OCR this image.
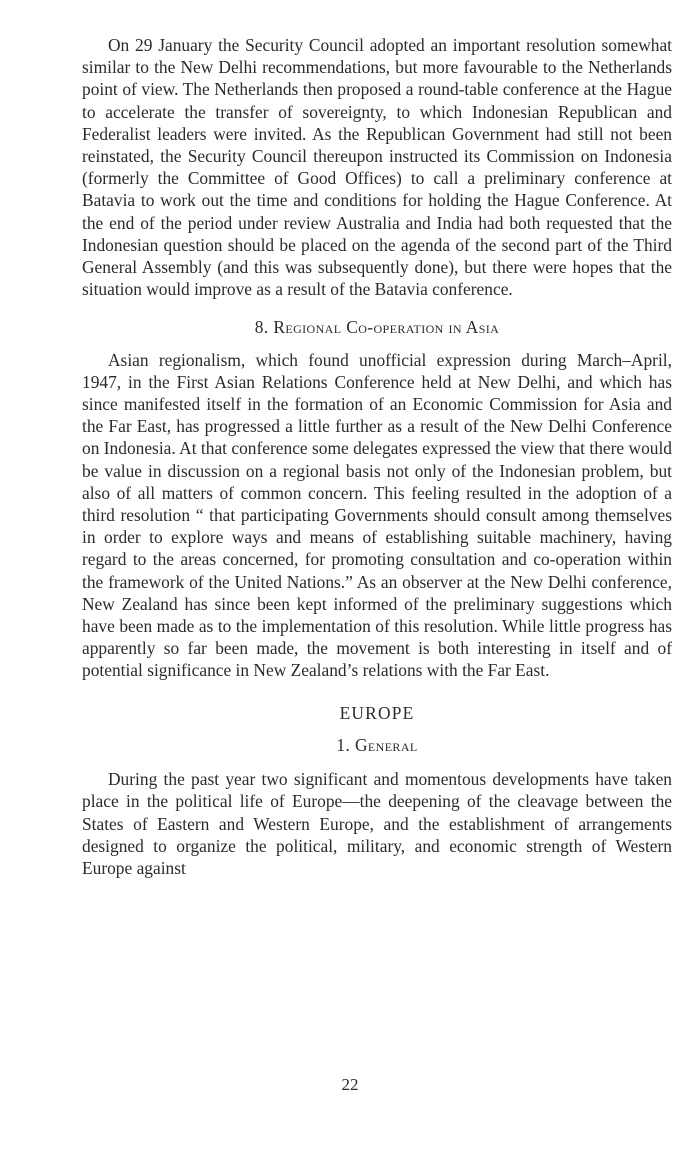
On 29 January the Security Council adopted an important resolution somewhat similar to the New Delhi recommendations, but more favourable to the Netherlands point of view. The Netherlands then proposed a round-table conference at the Hague to accelerate the transfer of sovereignty, to which Indonesian Republican and Federalist leaders were invited. As the Republican Government had still not been reinstated, the Security Council thereupon instructed its Commission on Indonesia (formerly the Committee of Good Offices) to call a preliminary conference at Batavia to work out the time and conditions for holding the Hague Conference. At the end of the period under review Australia and India had both requested that the Indonesian question should be placed on the agenda of the second part of the Third General Assembly (and this was subsequently done), but there were hopes that the situation would improve as a result of the Batavia conference.

8. Regional Co-operation in Asia

Asian regionalism, which found unofficial expression during March–April, 1947, in the First Asian Relations Conference held at New Delhi, and which has since manifested itself in the formation of an Economic Commission for Asia and the Far East, has progressed a little further as a result of the New Delhi Conference on Indonesia. At that conference some delegates expressed the view that there would be value in discussion on a regional basis not only of the Indonesian problem, but also of all matters of common concern. This feeling resulted in the adoption of a third resolution “ that participating Governments should consult among themselves in order to explore ways and means of establishing suitable machinery, having regard to the areas concerned, for promoting consultation and co-operation within the framework of the United Nations.” As an observer at the New Delhi conference, New Zealand has since been kept informed of the preliminary suggestions which have been made as to the implementation of this resolution. While little progress has apparently so far been made, the movement is both interesting in itself and of potential significance in New Zealand’s relations with the Far East.

EUROPE

1. General

During the past year two significant and momentous developments have taken place in the political life of Europe—the deepening of the cleavage between the States of Eastern and Western Europe, and the establishment of arrangements designed to organize the political, military, and economic strength of Western Europe against

22
